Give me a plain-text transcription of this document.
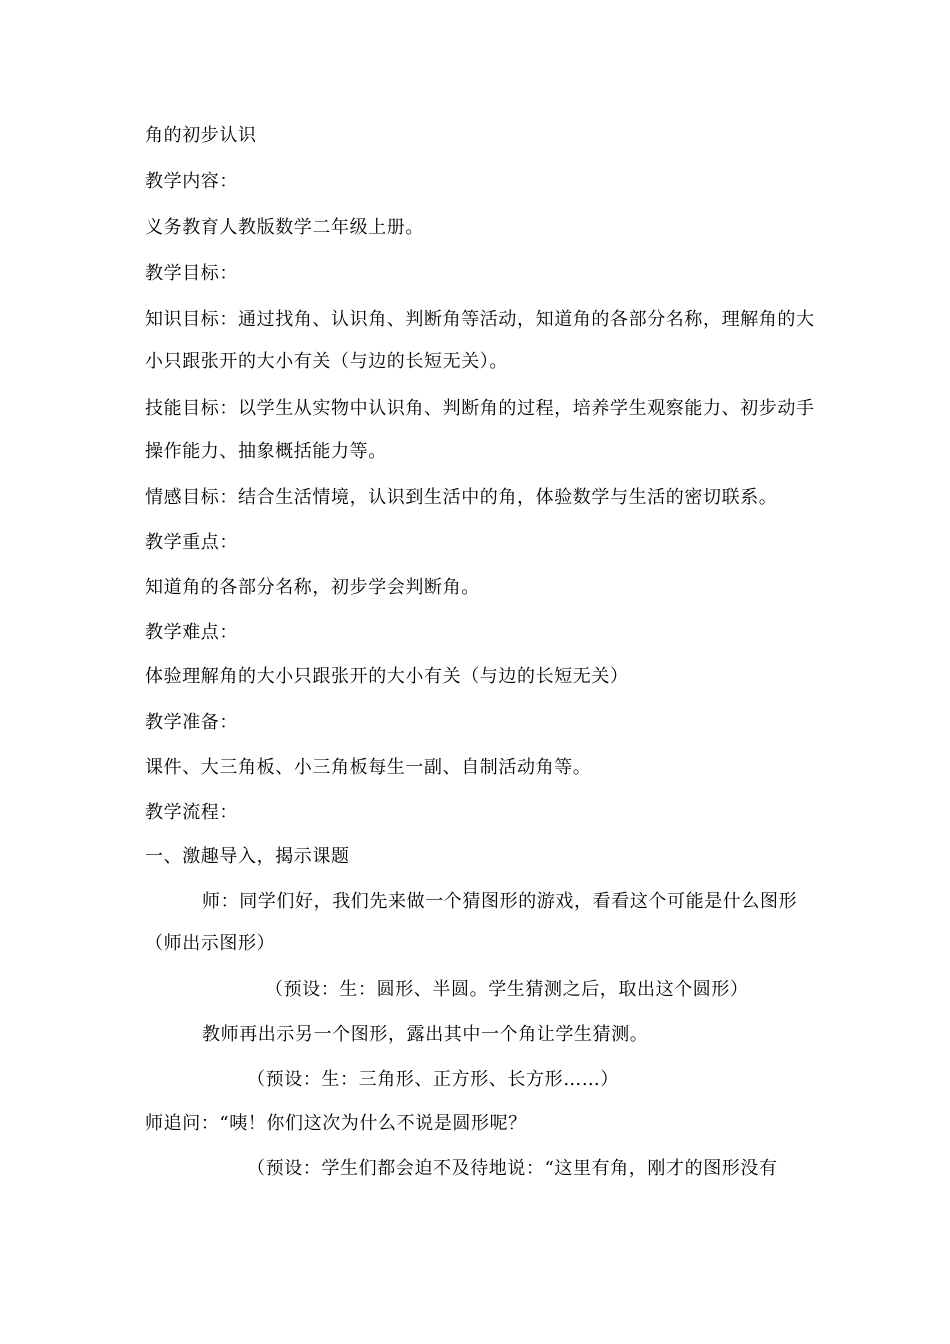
角的初步认识
教学内容：
义务教育人教版数学二年级上册。
教学目标：
知识目标：通过找角、认识角、判断角等活动，知道角的各部分名称，理解角的大
小只跟张开的大小有关（与边的长短无关）。
技能目标：以学生从实物中认识角、判断角的过程，培养学生观察能力、初步动手
操作能力、抽象概括能力等。
情感目标：结合生活情境，认识到生活中的角，体验数学与生活的密切联系。
教学重点：
知道角的各部分名称，初步学会判断角。
教学难点：
体验理解角的大小只跟张开的大小有关（与边的长短无关）
教学准备：
课件、大三角板、小三角板每生一副、自制活动角等。
教学流程：
一、激趣导入，揭示课题
师：同学们好，我们先来做一个猜图形的游戏，看看这个可能是什么图形
（师出示图形）
（预设：生：圆形、半圆。学生猜测之后，取出这个圆形）
教师再出示另一个图形，露出其中一个角让学生猜测。
（预设：生：三角形、正方形、长方形……）
师追问：“咦！你们这次为什么不说是圆形呢？
（预设：学生们都会迫不及待地说：“这里有角，刚才的图形没有
